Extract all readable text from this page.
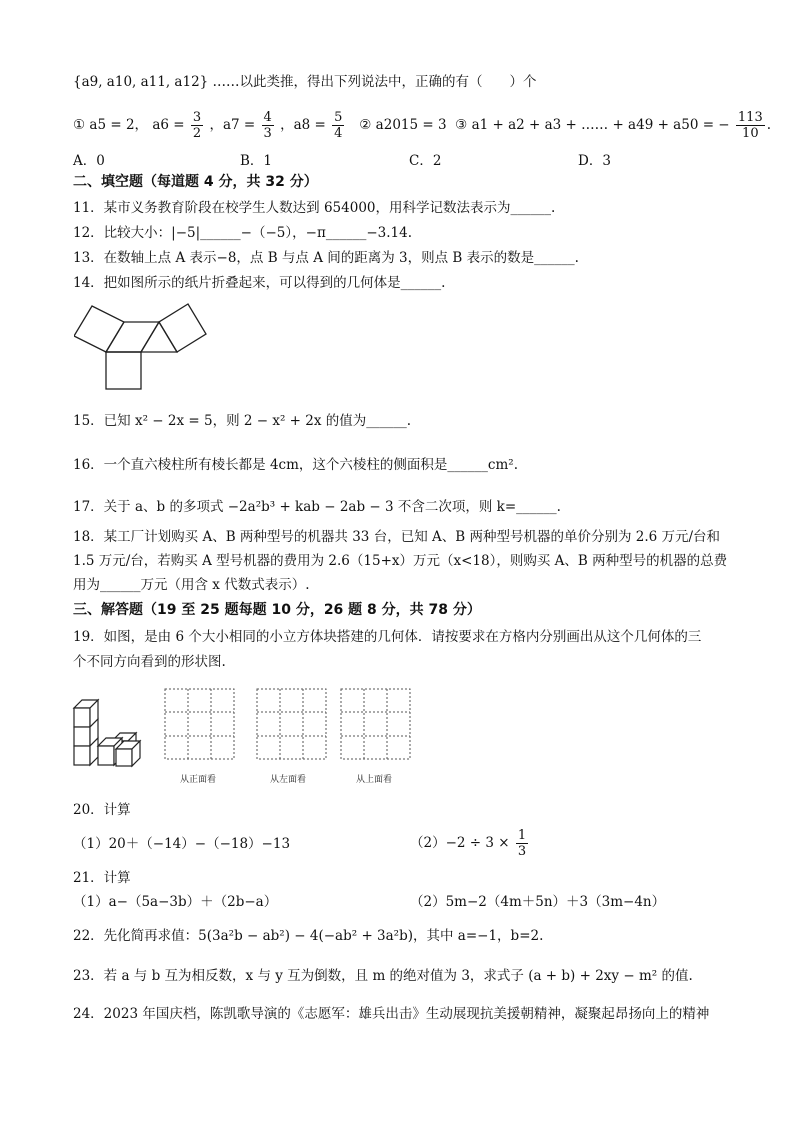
{a9, a10, a11, a12} ……以此类推，得出下列说法中，正确的有（　　）个
① a5 = 2， $a6 = \frac{3}{2}$ ，$a7 = \frac{4}{3}$ ，$a8 = \frac{5}{4}$ ② a2015 = 3 ③ a1 + a2 + a3 + …… + a49 + a50 = − $\frac{113}{10}$ .
A．0	B．1	C．2	D．3
二、填空题（每道题 4 分，共 32 分）
11．某市义务教育阶段在校学生人数达到 654000，用科学记数法表示为______.
12．比较大小：|−5|______−（−5），−π______−3.14.
13．在数轴上点 A 表示−8，点 B 与点 A 间的距离为 3，则点 B 表示的数是______.
14．把如图所示的纸片折叠起来，可以得到的几何体是______.
15．已知 x² − 2x = 5，则 2 − x² + 2x 的值为______.
16．一个直六棱柱所有棱长都是 4cm，这个六棱柱的侧面积是______cm².
17．关于 a、b 的多项式 −2a²b³ + kab − 2ab − 3 不含二次项，则 k=______.
18．某工厂计划购买 A、B 两种型号的机器共 33 台，已知 A、B 两种型号机器的单价分别为 2.6 万元/台和
1.5 万元/台，若购买 A 型号机器的费用为 2.6（15+x）万元（x<18），则购买 A、B 两种型号的机器的总费
用为______万元（用含 x 代数式表示）.
三、解答题（19 至 25 题每题 10 分，26 题 8 分，共 78 分）
19．如图，是由 6 个大小相同的小立方体块搭建的几何体．请按要求在方格内分别画出从这个几何体的三
个不同方向看到的形状图.
从正面看	从左面看	从上面看
20．计算
（1）20＋（−14）−（−18）−13	$(2)-2 \div 3 \times \frac{1}{3}$
21．计算
（1）a−（5a−3b）＋（2b−a）	（2）5m−2（4m＋5n）＋3（3m−4n）
22．先化简再求值：5(3a²b − ab²) − 4(−ab² + 3a²b)，其中 a=−1，b=2.
23．若 a 与 b 互为相反数，x 与 y 互为倒数，且 m 的绝对值为 3，求式子 (a + b) + 2xy − m² 的值.
24．2023 年国庆档，陈凯歌导演的《志愿军：雄兵出击》生动展现抗美援朝精神，凝聚起昂扬向上的精神
